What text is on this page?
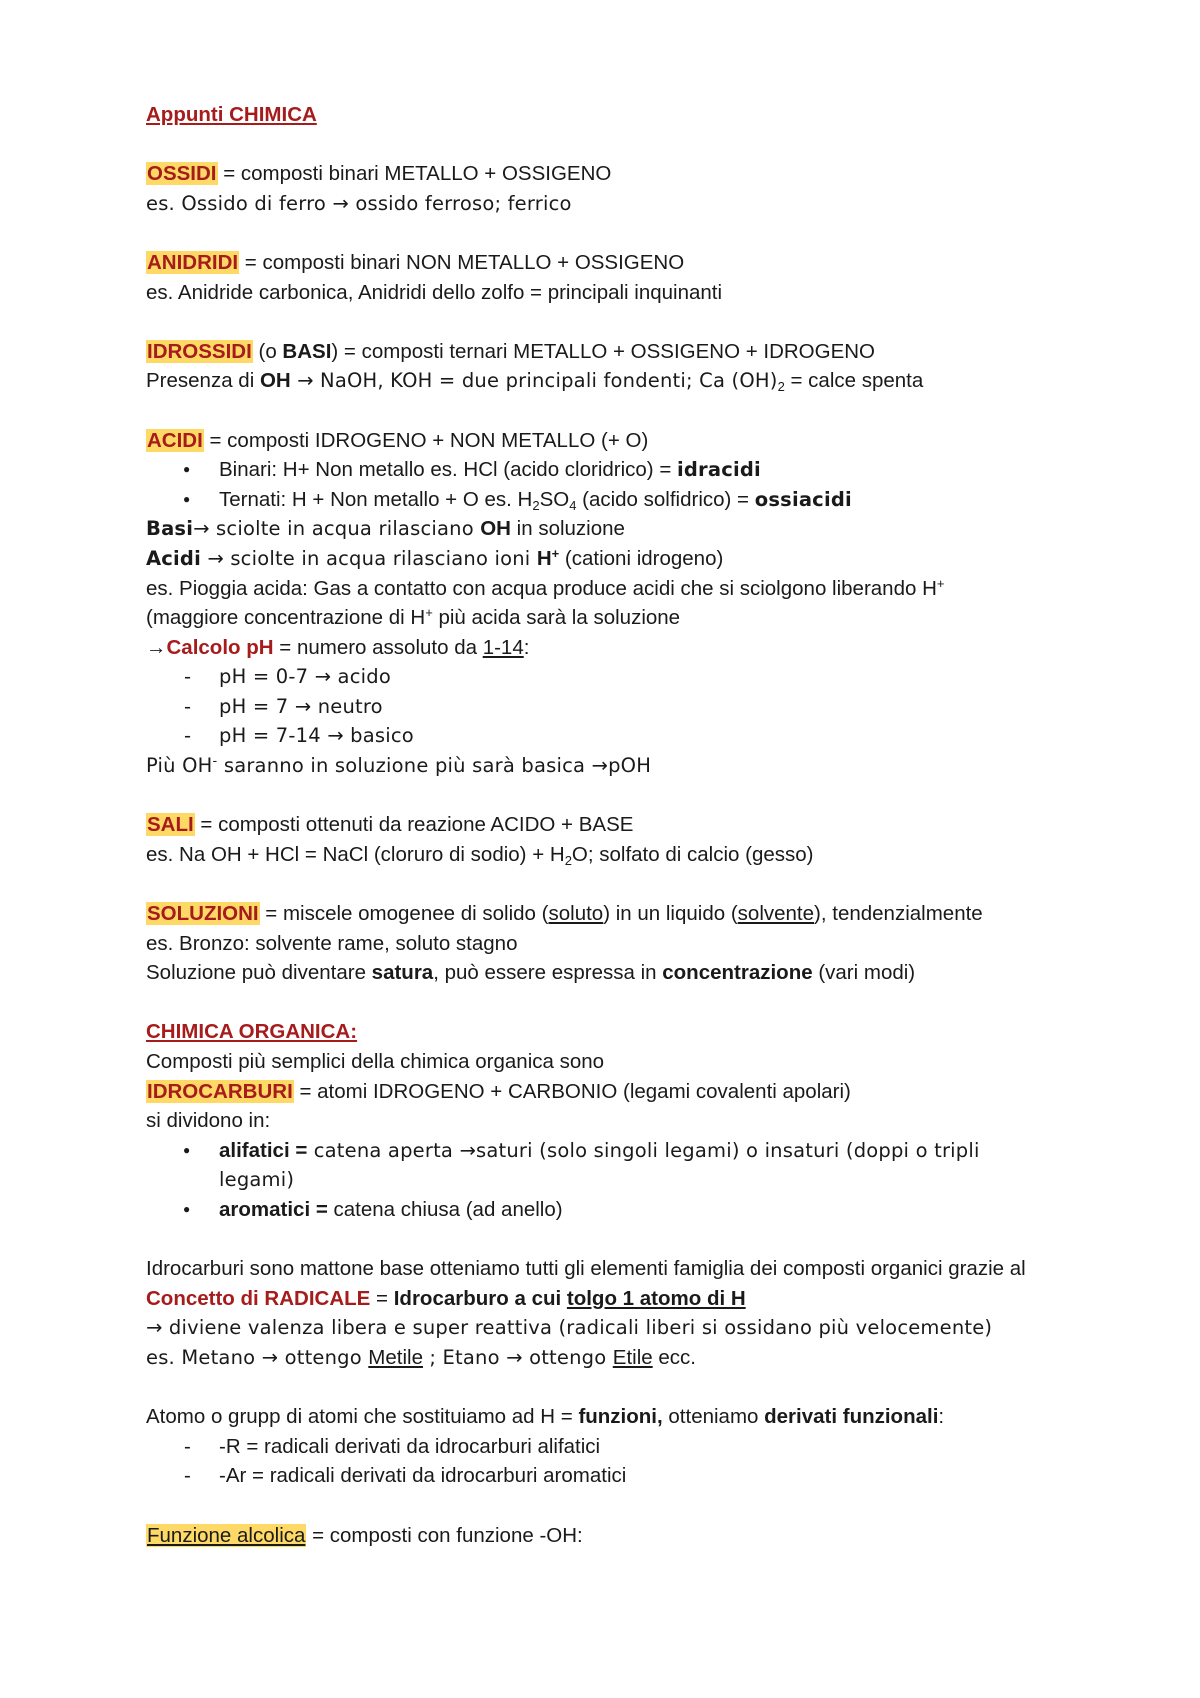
Appunti CHIMICA
OSSIDI = composti binari METALLO + OSSIGENO
es. Ossido di ferro → ossido ferroso; ferrico
ANIDRIDI = composti binari NON METALLO + OSSIGENO
es. Anidride carbonica, Anidridi dello zolfo = principali inquinanti
IDROSSIDI (o BASI) = composti ternari METALLO + OSSIGENO + IDROGENO
Presenza di OH → NaOH, KOH = due principali fondenti; Ca $(OH)_2$ = calce spenta
ACIDI = composti IDROGENO + NON METALLO (+ O)
● Binari: H+ Non metallo es. HCl (acido cloridrico) = idracidi
● Ternati: H + Non metallo + O es. $H_2SO_4$ (acido solfidrico) = ossiacidi
Basi→ sciolte in acqua rilasciano OH in soluzione
Acidi → sciolte in acqua rilasciano ioni H+ (cationi idrogeno)
es. Pioggia acida: Gas a contatto con acqua produce acidi che si sciolgono liberando H+
(maggiore concentrazione di H+ più acida sarà la soluzione
→Calcolo pH = numero assoluto da 1-14:
- pH = 0-7 → acido
- pH = 7 → neutro
- pH = 7-14 → basico
Più OH- saranno in soluzione più sarà basica →pOH
SALI = composti ottenuti da reazione ACIDO + BASE
es. Na OH + HCl = NaCl (cloruro di sodio) + $H_2O$; solfato di calcio (gesso)
SOLUZIONI = miscele omogenee di solido (soluto) in un liquido (solvente), tendenzialmente
es. Bronzo: solvente rame, soluto stagno
Soluzione può diventare satura, può essere espressa in concentrazione (vari modi)
CHIMICA ORGANICA:
Composti più semplici della chimica organica sono
IDROCARBURI = atomi IDROGENO + CARBONIO (legami covalenti apolari)
si dividono in:
● alifatici = catena aperta →saturi (solo singoli legami) o insaturi (doppi o tripli
legami)
● aromatici = catena chiusa (ad anello)
Idrocarburi sono mattone base otteniamo tutti gli elementi famiglia dei composti organici grazie al
Concetto di RADICALE = Idrocarburo a cui tolgo 1 atomo di H
→ diviene valenza libera e super reattiva (radicali liberi si ossidano più velocemente)
es. Metano → ottengo Metile ; Etano → ottengo Etile ecc.
Atomo o grupp di atomi che sostituiamo ad H = funzioni, otteniamo derivati funzionali:
- -R = radicali derivati da idrocarburi alifatici
- -Ar = radicali derivati da idrocarburi aromatici
Funzione alcolica = composti con funzione -OH:
